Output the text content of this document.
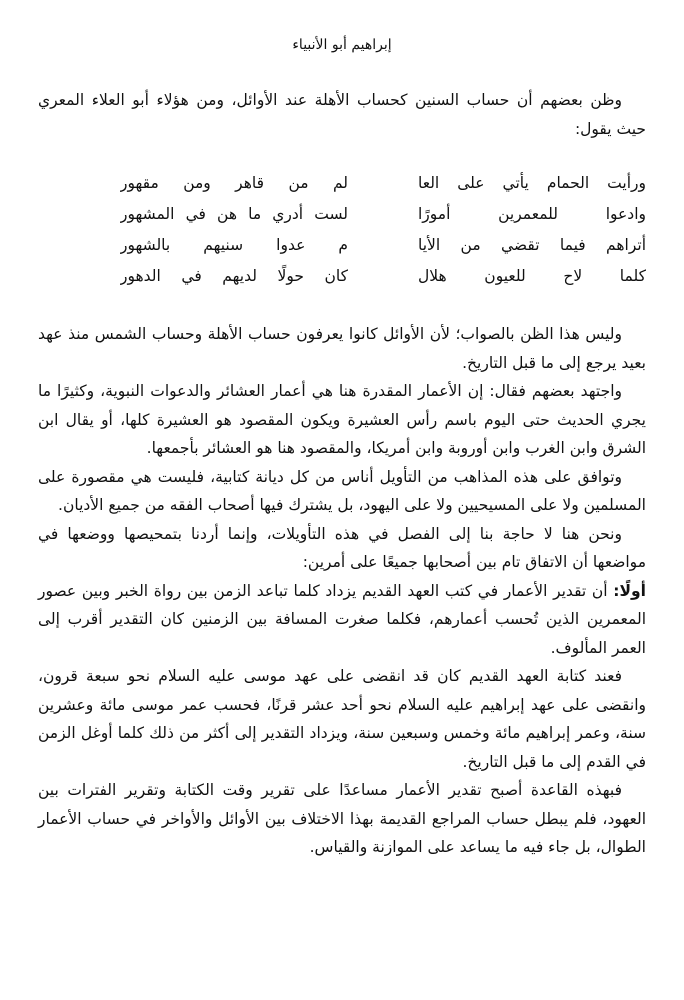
إبراهيم أبو الأنبياء

وظن بعضهم أن حساب السنين كحساب الأهلة عند الأوائل، ومن هؤلاء أبو العلاء المعري حيث يقول:

ورأيت الحمام يأتي على العا
لم من قاهر ومن مقهور
وادعوا للمعمرين أمورًا
لست أدري ما هن في المشهور
أتراهم فيما تقضي من الأيا
م عدوا سنيهم بالشهور
كلما لاح للعيون هلال
كان حولًا لديهم في الدهور

وليس هذا الظن بالصواب؛ لأن الأوائل كانوا يعرفون حساب الأهلة وحساب الشمس منذ عهد بعيد يرجع إلى ما قبل التاريخ.

واجتهد بعضهم فقال: إن الأعمار المقدرة هنا هي أعمار العشائر والدعوات النبوية، وكثيرًا ما يجري الحديث حتى اليوم باسم رأس العشيرة ويكون المقصود هو العشيرة كلها، أو يقال ابن الشرق وابن الغرب وابن أوروبة وابن أمريكا، والمقصود هنا هو العشائر بأجمعها.

وتوافق على هذه المذاهب من التأويل أناس من كل ديانة كتابية، فليست هي مقصورة على المسلمين ولا على المسيحيين ولا على اليهود، بل يشترك فيها أصحاب الفقه من جميع الأديان.

ونحن هنا لا حاجة بنا إلى الفصل في هذه التأويلات، وإنما أردنا بتمحيصها ووضعها في مواضعها أن الاتفاق تام بين أصحابها جميعًا على أمرين:

أولًا: أن تقدير الأعمار في كتب العهد القديم يزداد كلما تباعد الزمن بين رواة الخبر وبين عصور المعمرين الذين تُحسب أعمارهم، فكلما صغرت المسافة بين الزمنين كان التقدير أقرب إلى العمر المألوف.

فعند كتابة العهد القديم كان قد انقضى على عهد موسى عليه السلام نحو سبعة قرون، وانقضى على عهد إبراهيم عليه السلام نحو أحد عشر قرنًا، فحسب عمر موسى مائة وعشرين سنة، وعمر إبراهيم مائة وخمس وسبعين سنة، ويزداد التقدير إلى أكثر من ذلك كلما أوغل الزمن في القدم إلى ما قبل التاريخ.

فبهذه القاعدة أصبح تقدير الأعمار مساعدًا على تقرير وقت الكتابة وتقرير الفترات بين العهود، فلم يبطل حساب المراجع القديمة بهذا الاختلاف بين الأوائل والأواخر في حساب الأعمار الطوال، بل جاء فيه ما يساعد على الموازنة والقياس.
